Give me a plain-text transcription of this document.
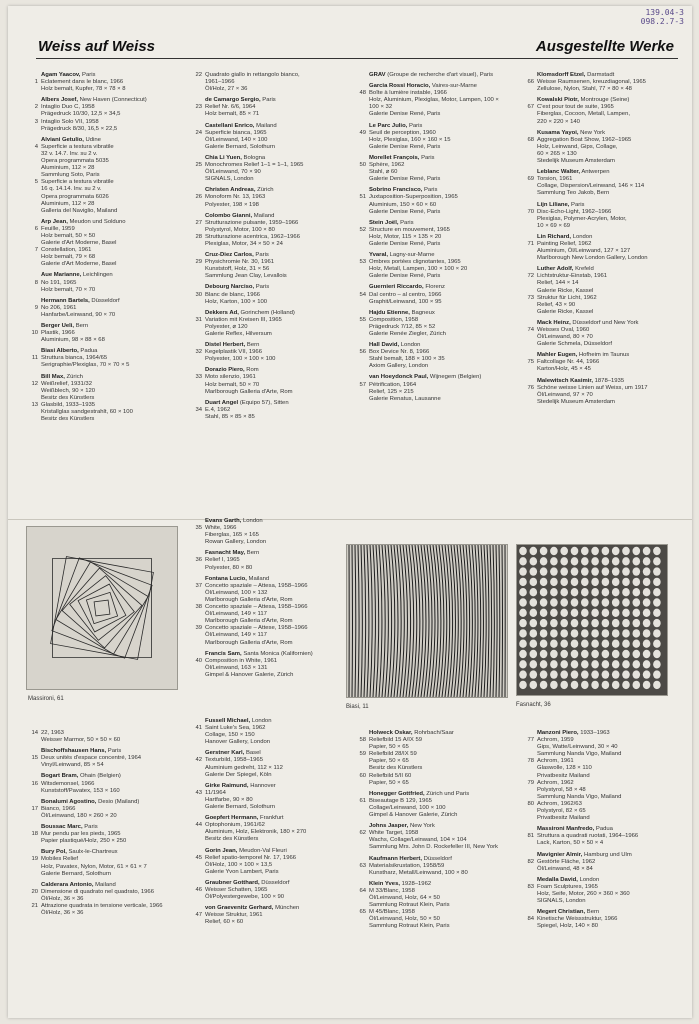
139.04-3
098.2.7-3
Weiss auf Weiss	Ausgestellte Werke
Agam Yaacov, Paris
1 Eclatement dans le blanc, 1966
Holz bemalt, Kupfer, 78 × 78 × 8
Albers Josef, New Haven (Connecticut)
2 Intaglio Duo C, 1958
Prägedruck 10/30, 12,5 × 34,5
3 Intaglio Solo VII, 1958
Prägedruck 8/30, 16,5 × 22,5
Alviani Getulio, Udine
4 Superficie a testura vibratile
32 v. 14.7. Inv. su 2 v.
Opera programmata 5035
Aluminium, 112 × 28
Sammlung Soto, Paris
5 Superficie a testura vibratile
16 q. 14.14. Inv. su 2 v.
Opera programmata 6026
Aluminium, 112 × 28
Galleria del Naviglio, Mailand
Arp Jean, Meudon und Solduno
6 Feuille, 1959
Holz bemalt, 50 × 50
Galerie d'Art Moderne, Basel
7 Constellation, 1961
Holz bemalt, 79 × 68
Galerie d'Art Moderne, Basel
Aue Marianne, Leichlingen
8 No 191, 1965
Holz bemalt, 70 × 70
Hermann Bartels, Düsseldorf
9 No 206, 1961
Hanfarbe/Leinwand, 90 × 70
Berger Ueli, Bern
10 Plastik, 1966
Aluminium, 98 × 88 × 68
Biasi Alberto, Padua
11 Struttura bianca, 1964/65
Serigraphie/Plexiglas, 70 × 70 × 5
Bill Max, Zürich
12 Weißrelief, 1931/32
Weißblech, 90 × 120
Besitz des Künstlers
13 Glasbild, 1933–1935
Kristallglas sandgestrahlt, 60 × 100
Besitz des Künstlers
22 Quadrato giallo in rettangolo bianco,
1961–1966
Öl/Holz, 27 × 36
de Camargo Sergio, Paris
23 Relief Nr. 6/6, 1964
Holz bemalt, 85 × 71
Castellani Enrico, Mailand
24 Superficie bianca, 1965
Öl/Leinwand, 140 × 100
Galerie Bernard, Solothurn
Chia Li Yuen, Bologna
25 Monochromes Relief 1–1 = 1–1, 1965
Öl/Leinwand, 70 × 90
SIGNALS, London
Christen Andreas, Zürich
26 Monoform Nr. 13, 1963
Polyester, 198 × 198
Colombo Gianni, Mailand
27 Strutturazione pulsante, 1959–1966
Polystyrol, Motor, 100 × 80
28 Strutturazione acentrica, 1962–1966
Plexiglas, Motor, 34 × 50 × 24
Cruz-Diez Carlos, Paris
29 Physichromie Nr. 30, 1961
Kunststoff, Holz, 31 × 56
Sammlung Jean Clay, Levallois
Debourg Narciso, Paris
30 Blanc de blanc, 1966
Holz, Karton, 100 × 100
Dekkers Ad, Gorinchem (Holland)
31 Variation mit Kreisen III, 1965
Polyester, ⌀ 120
Galerie Reflex, Hilversum
Distel Herbert, Bern
32 Kegelplastik VII, 1966
Polyester, 100 × 100 × 100
Dorazio Piero, Rom
33 Moto silenzio, 1961
Holz bemalt, 50 × 70
Marlborough Galleria d'Arte, Rom
Duart Angel (Equipo 57), Sitten
34 E.4, 1962
Stahl, 85 × 85 × 85
GRAV (Groupe de recherche d'art visuel), Paris
Garcia Rossi Horacio, Vaires-sur-Marne
48 Boîte à lumière instable, 1966
Holz, Aluminium, Plexiglas, Motor, Lampen, 100 × 100 × 32
Galerie Denise René, Paris
Le Parc Julio, Paris
49 Seuil de perception, 1960
Holz, Plexiglas, 160 × 160 × 15
Galerie Denise René, Paris
Morellet François, Paris
50 Sphère, 1962
Stahl, ⌀ 60
Galerie Denise René, Paris
Sobrino Francisco, Paris
51 Juxtaposition-Superposition, 1965
Aluminium, 150 × 60 × 60
Galerie Denise René, Paris
Stein Joël, Paris
52 Structure en mouvement, 1965
Holz, Motor, 115 × 135 × 20
Galerie Denise René, Paris
Yvaral, Lagny-sur-Marne
53 Ombres portées clignotantes, 1965
Holz, Metall, Lampen, 100 × 100 × 20
Galerie Denise René, Paris
Guernieri Riccardo, Florenz
54 Dal centro – al centro, 1966
Graphit/Leinwand, 100 × 95
Hajdu Etienne, Bagneux
55 Composition, 1958
Prägedruck 7/12, 85 × 52
Galerie Renée Ziegler, Zürich
Hall David, London
56 Box Device Nr. 8, 1966
Stahl bemalt, 188 × 100 × 35
Axiom Gallery, London
van Hoeydonck Paul, Wijnegem (Belgien)
57 Pétrification, 1964
Relief, 125 × 215
Galerie Renatus, Lausanne
Klomsdorff Etzel, Darmstadt
66 Weisse Raumsenen, kreuzdiagonal, 1965
Zellulose, Nylon, Stahl, 77 × 80 × 48
Kowalski Piotr, Montrouge (Seine)
67 C'est pour tout de suite, 1965
Fiberglas, Cocoon, Metall, Lampen,
220 × 220 × 140
Kusama Yayoi, New York
68 Aggregation Boat Show, 1962–1965
Holz, Leinwand, Gips, Collage,
60 × 265 × 130
Stedelijk Museum Amsterdam
Leblanc Walter, Antwerpen
69 Torsion, 1961
Collage, Dispersion/Leinwand, 146 × 114
Sammlung Teo Jakob, Bern
Lijn Liliane, Paris
70 Disc-Echo-Light, 1962–1966
Plexiglas, Polymer-Acrylen, Motor,
10 × 69 × 69
Lin Richard, London
71 Painting Relief, 1962
Aluminium, Öl/Leinwand, 127 × 127
Marlborough New London Gallery, London
Luther Adolf, Krefeld
72 Lichtstruktur-Einstab, 1961
Relief, 144 × 14
Galerie Ricke, Kassel
73 Struktur für Licht, 1962
Relief, 43 × 90
Galerie Ricke, Kassel
Mack Heinz, Düsseldorf und New York
74 Weisses Oval, 1960
Öl/Leinwand, 80 × 70
Galerie Schmela, Düsseldorf
Mahler Eugen, Hofheim im Taunus
75 Faltcollage Nr. 44, 1966
Karton/Holz, 45 × 45
Malewitsch Kasimir, 1878–1935
76 Schöne weisse Linien auf Weiss, um 1917
Öl/Leinwand, 97 × 70
Stedelijk Museum Amsterdam
Massironi, 61
Evans Garth, London
35 White, 1966
Fiberglas, 165 × 165
Rowan Gallery, London
Fasnacht May, Bern
36 Relief I, 1965
Polyester, 80 × 80
Fontana Lucio, Mailand
37 Concetto spaziale – Attesa, 1958–1966
Öl/Leinwand, 100 × 132
Marlborough Galleria d'Arte, Rom
38 Concetto spaziale – Attesa, 1958–1966
Öl/Leinwand, 149 × 117
Marlborough Galleria d'Arte, Rom
39 Concetto spaziale – Attese, 1958–1966
Öl/Leinwand, 149 × 117
Marlborough Galleria d'Arte, Rom
Francis Sam, Santa Monica (Kalifornien)
40 Composition in White, 1961
Öl/Leinwand, 163 × 131
Gimpel & Hanover Galerie, Zürich
Biasi, 11	Fasnacht, 36
14 22, 1963
Weisser Marmor, 50 × 50 × 60
Bischoffshausen Hans, Paris
15 Deux unités d'espace concentré, 1964
Vinyl/Leinwand, 85 × 54
Bogart Bram, Ohain (Belgien)
16 Witsdemonsel, 1966
Kunststoff/Pavatex, 153 × 160
Bonalumi Agostino, Desio (Mailand)
17 Bianco, 1966
Öl/Leinwand, 180 × 260 × 20
Boussac Marc, Paris
18 Mur pendu par les pieds, 1965
Papier plastiqué/Holz, 250 × 250
Bury Pol, Saulx-le-Chartreux
19 Mobiles Relief
Holz, Pavatex, Nylon, Motor, 61 × 61 × 7
Galerie Bernard, Solothurn
Calderara Antonio, Mailand
20 Dimensione di quadrato nel quadrato, 1966
Öl/Holz, 36 × 36
21 Attrazione quadrata in tensione verticale, 1966
Öl/Holz, 36 × 36
Fussell Michael, London
41 Saint Luke's Sea, 1962
Collage, 150 × 150
Hanover Gallery, London
Gerstner Karl, Basel
42 Texturbild, 1958–1965
Aluminium gedreht, 112 × 112
Galerie Der Spiegel, Köln
Girke Raimund, Hannover
43 11/1964
Hartfarbe, 90 × 80
Galerie Bernard, Solothurn
Goepfert Hermann, Frankfurt
44 Optophonium, 1961/62
Aluminium, Holz, Elektronik, 180 × 270
Besitz des Künstlers
Gorin Jean, Meudon-Val Fleuri
45 Relief spatio-temporel Nr. 17, 1966
Öl/Holz, 100 × 100 × 13,5
Galerie Yvon Lambert, Paris
Graubner Gotthard, Düsseldorf
46 Weisser Schatten, 1965
Öl/Polyestergewebe, 100 × 90
von Graevenitz Gerhard, München
47 Weisse Struktur, 1961
Relief, 60 × 60
Holweck Oskar, Rohrbach/Saar
58 Reliefbild 15 A/IX 59
Papier, 50 × 65
59 Reliefbild 28/IX 59
Papier, 50 × 65
Besitz des Künstlers
60 Reliefbild 5/II 60
Papier, 50 × 65
Honegger Gottfried, Zürich und Paris
61 Biseautage B 129, 1965
Collage/Leinwand, 100 × 100
Gimpel & Hanover Galerie, Zürich
Johns Jasper, New York
62 White Target, 1958
Wachs, Collage/Leinwand, 104 × 104
Sammlung Mrs. John D. Rockefeller III, New York
Kaufmann Herbert, Düsseldorf
63 Materialsikrustation, 1958/59
Kunstharz, Metall/Leinwand, 100 × 80
Klein Yves, 1928–1962
64 M 33/Blanc, 1958
Öl/Leinwand, Holz, 64 × 50
Sammlung Rotraut Klein, Paris
65 M 45/Blanc, 1958
Öl/Leinwand, Holz, 50 × 50
Sammlung Rotraut Klein, Paris
Manzoni Piero, 1933–1963
77 Achrom, 1959
Gips, Watte/Leinwand, 30 × 40
Sammlung Nanda Vigo, Mailand
78 Achrom, 1961
Glaswolle, 128 × 110
Privatbesitz Mailand
79 Achrom, 1962
Polystyrol, 58 × 48
Sammlung Nanda Vigo, Mailand
80 Achrom, 1962/63
Polystyrol, 82 × 65
Privatbesitz Mailand
Massironi Manfredo, Padua
81 Struttura a quadrati ruotati, 1964–1966
Lack, Karton, 50 × 50 × 4
Mavignier Almir, Hamburg und Ulm
82 Gestörte Fläche, 1962
Öl/Leinwand, 48 × 84
Medalla David, London
83 Foam Sculptures, 1965
Holz, Seife, Motor, 260 × 360 × 360
SIGNALS, London
Megert Christian, Bern
84 Kinetische Weissstruktur, 1966
Spiegel, Holz, 140 × 80
